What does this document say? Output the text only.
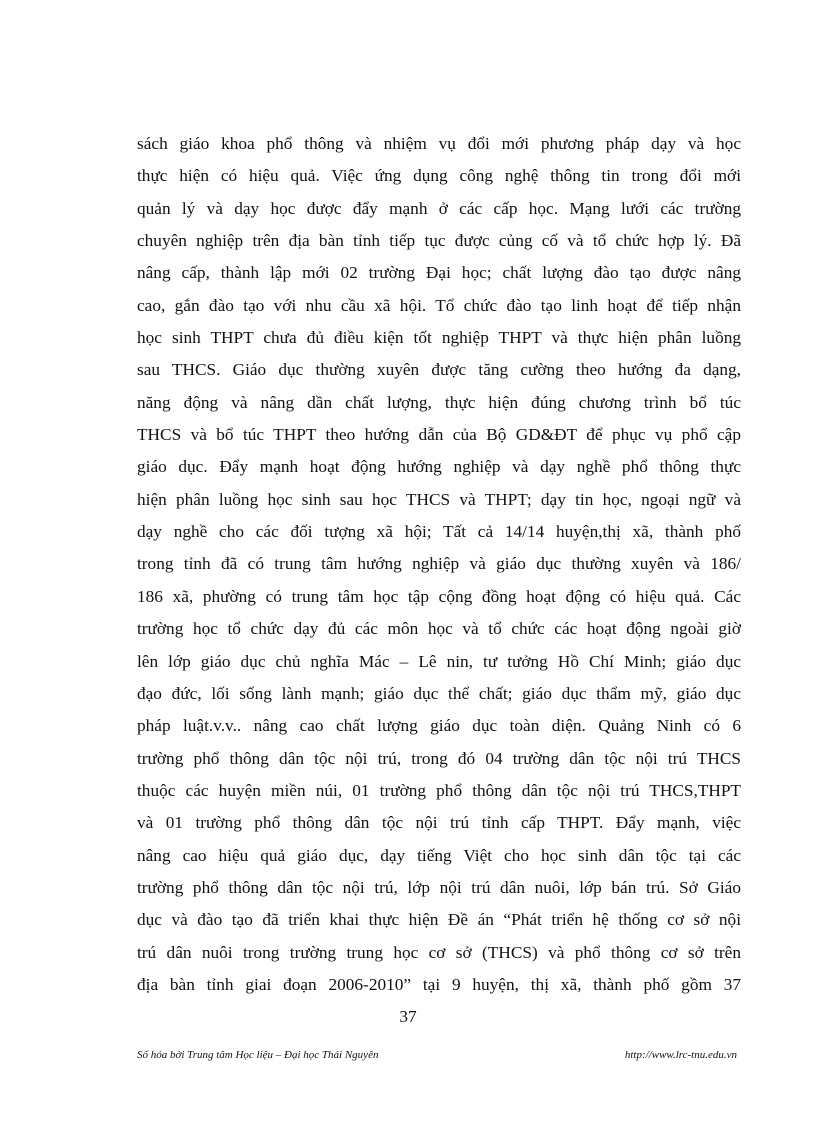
sách giáo khoa phổ thông và nhiệm vụ đổi mới phương pháp dạy và học
thực hiện có hiệu quả. Việc ứng dụng công nghệ thông tin trong đổi mới
quản lý và dạy học được đẩy mạnh ở các cấp học. Mạng lưới các trường
chuyên nghiệp trên địa bàn tỉnh tiếp tục được củng cố và tổ chức hợp lý. Đã
nâng cấp, thành lập mới 02 trường Đại học; chất lượng đào tạo được nâng
cao, gắn đào tạo với nhu cầu xã hội. Tổ chức đào tạo linh hoạt để tiếp nhận
học sinh THPT chưa đủ điều kiện tốt nghiệp THPT và thực hiện phân luồng
sau THCS. Giáo dục thường xuyên được tăng cường theo hướng đa dạng,
năng động và nâng dần chất lượng, thực hiện đúng chương trình bổ túc
THCS và bổ túc THPT theo hướng dẫn của Bộ GD&ĐT để phục vụ phổ cập
giáo dục. Đẩy mạnh hoạt động hướng nghiệp và dạy nghề phổ thông thực
hiện phân luồng học sinh sau học THCS và THPT; dạy tin học, ngoại ngữ và
dạy nghề cho các đối tượng xã hội; Tất cả 14/14 huyện,thị xã, thành phố
trong tỉnh đã có trung tâm hướng nghiệp và giáo dục thường xuyên và 186/
186 xã, phường có trung tâm học tập cộng đồng hoạt động có hiệu quả. Các
trường học tổ chức dạy đủ các môn học và tổ chức các hoạt động ngoài giờ
lên lớp giáo dục chủ nghĩa Mác – Lê nin, tư tưởng Hồ Chí Minh; giáo dục
đạo đức, lối sống lành mạnh; giáo dục thể chất; giáo dục thẩm mỹ, giáo dục
pháp luật.v.v.. nâng cao chất lượng giáo dục toàn diện. Quảng Ninh có 6
trường phổ thông dân tộc nội trú, trong đó 04 trường dân tộc nội trú THCS
thuộc các huyện miền núi, 01 trường phổ thông dân tộc nội trú THCS,THPT
và 01 trường phổ thông dân tộc nội trú tỉnh cấp THPT. Đẩy mạnh, việc
nâng cao hiệu quả giáo dục, dạy tiếng Việt cho học sinh dân tộc tại các
trường phổ thông dân tộc nội trú, lớp nội trú dân nuôi, lớp bán trú. Sở Giáo
dục và đào tạo đã triển khai thực hiện Đề án “Phát triển hệ thống cơ sở nội
trú dân nuôi trong trường trung học cơ sở (THCS) và phổ thông cơ sở trên
địa bàn tỉnh giai đoạn 2006-2010” tại 9 huyện, thị xã, thành phố gồm 37
37
Số hóa bởi Trung tâm Học liệu – Đại học Thái Nguyên	http://www.lrc-tnu.edu.vn
